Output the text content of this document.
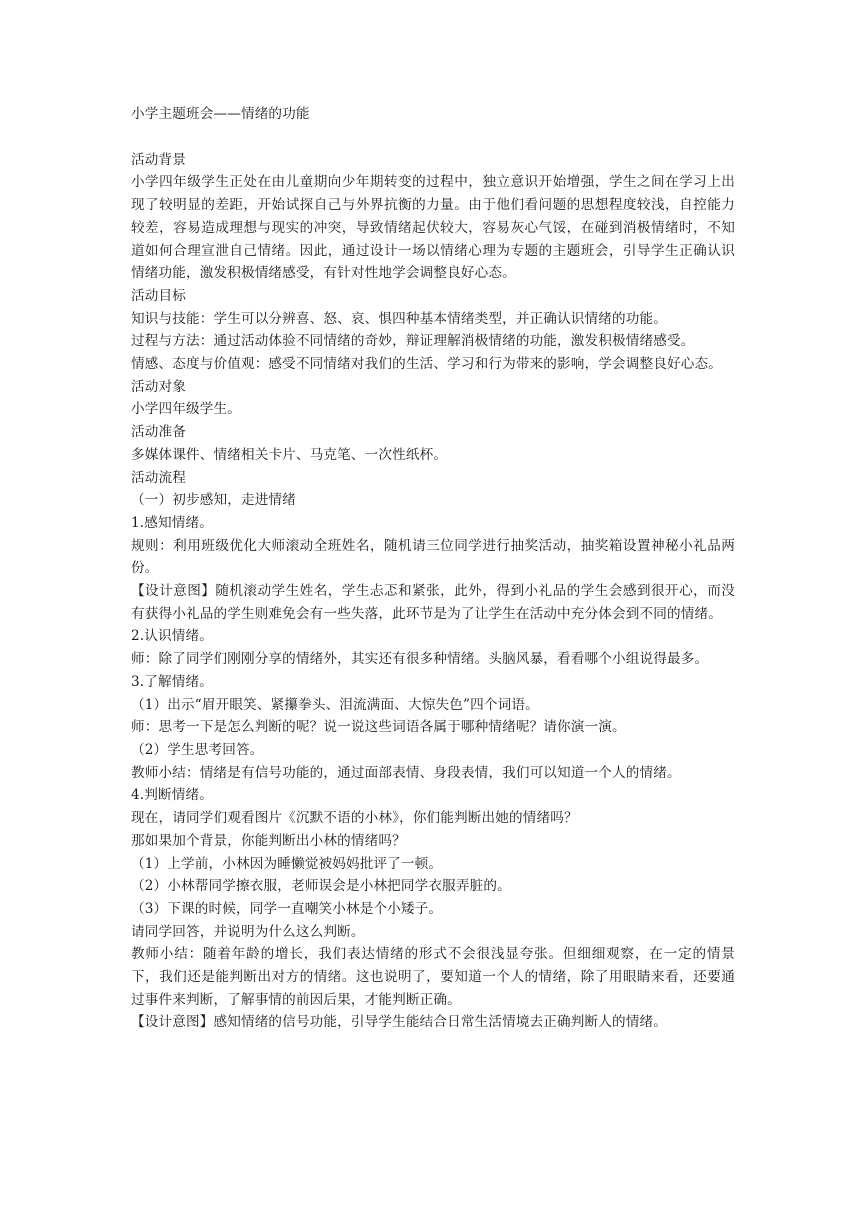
小学主题班会——情绪的功能

活动背景

小学四年级学生正处在由儿童期向少年期转变的过程中，独立意识开始增强，学生之间在学习上出现了较明显的差距，开始试探自己与外界抗衡的力量。由于他们看问题的思想程度较浅，自控能力较差，容易造成理想与现实的冲突，导致情绪起伏较大，容易灰心气馁，在碰到消极情绪时，不知道如何合理宣泄自己情绪。因此，通过设计一场以情绪心理为专题的主题班会，引导学生正确认识情绪功能，激发积极情绪感受，有针对性地学会调整良好心态。

活动目标

知识与技能：学生可以分辨喜、怒、哀、惧四种基本情绪类型，并正确认识情绪的功能。

过程与方法：通过活动体验不同情绪的奇妙，辩证理解消极情绪的功能，激发积极情绪感受。

情感、态度与价值观：感受不同情绪对我们的生活、学习和行为带来的影响，学会调整良好心态。

活动对象

小学四年级学生。

活动准备

多媒体课件、情绪相关卡片、马克笔、一次性纸杯。

活动流程

（一）初步感知，走进情绪

1.感知情绪。

规则：利用班级优化大师滚动全班姓名，随机请三位同学进行抽奖活动，抽奖箱设置神秘小礼品两份。

【设计意图】随机滚动学生姓名，学生忐忑和紧张，此外，得到小礼品的学生会感到很开心，而没有获得小礼品的学生则难免会有一些失落，此环节是为了让学生在活动中充分体会到不同的情绪。

2.认识情绪。

师：除了同学们刚刚分享的情绪外，其实还有很多种情绪。头脑风暴，看看哪个小组说得最多。

3.了解情绪。

（1）出示“眉开眼笑、紧攥拳头、泪流满面、大惊失色”四个词语。

师：思考一下是怎么判断的呢？说一说这些词语各属于哪种情绪呢？请你演一演。

（2）学生思考回答。

教师小结：情绪是有信号功能的，通过面部表情、身段表情，我们可以知道一个人的情绪。

4.判断情绪。

现在，请同学们观看图片《沉默不语的小林》，你们能判断出她的情绪吗？

那如果加个背景，你能判断出小林的情绪吗？

（1）上学前，小林因为睡懒觉被妈妈批评了一顿。

（2）小林帮同学擦衣服，老师误会是小林把同学衣服弄脏的。

（3）下课的时候，同学一直嘲笑小林是个小矮子。

请同学回答，并说明为什么这么判断。

教师小结：随着年龄的增长，我们表达情绪的形式不会很浅显夸张。但细细观察，在一定的情景下，我们还是能判断出对方的情绪。这也说明了，要知道一个人的情绪，除了用眼睛来看，还要通过事件来判断，了解事情的前因后果，才能判断正确。

【设计意图】感知情绪的信号功能，引导学生能结合日常生活情境去正确判断人的情绪。
